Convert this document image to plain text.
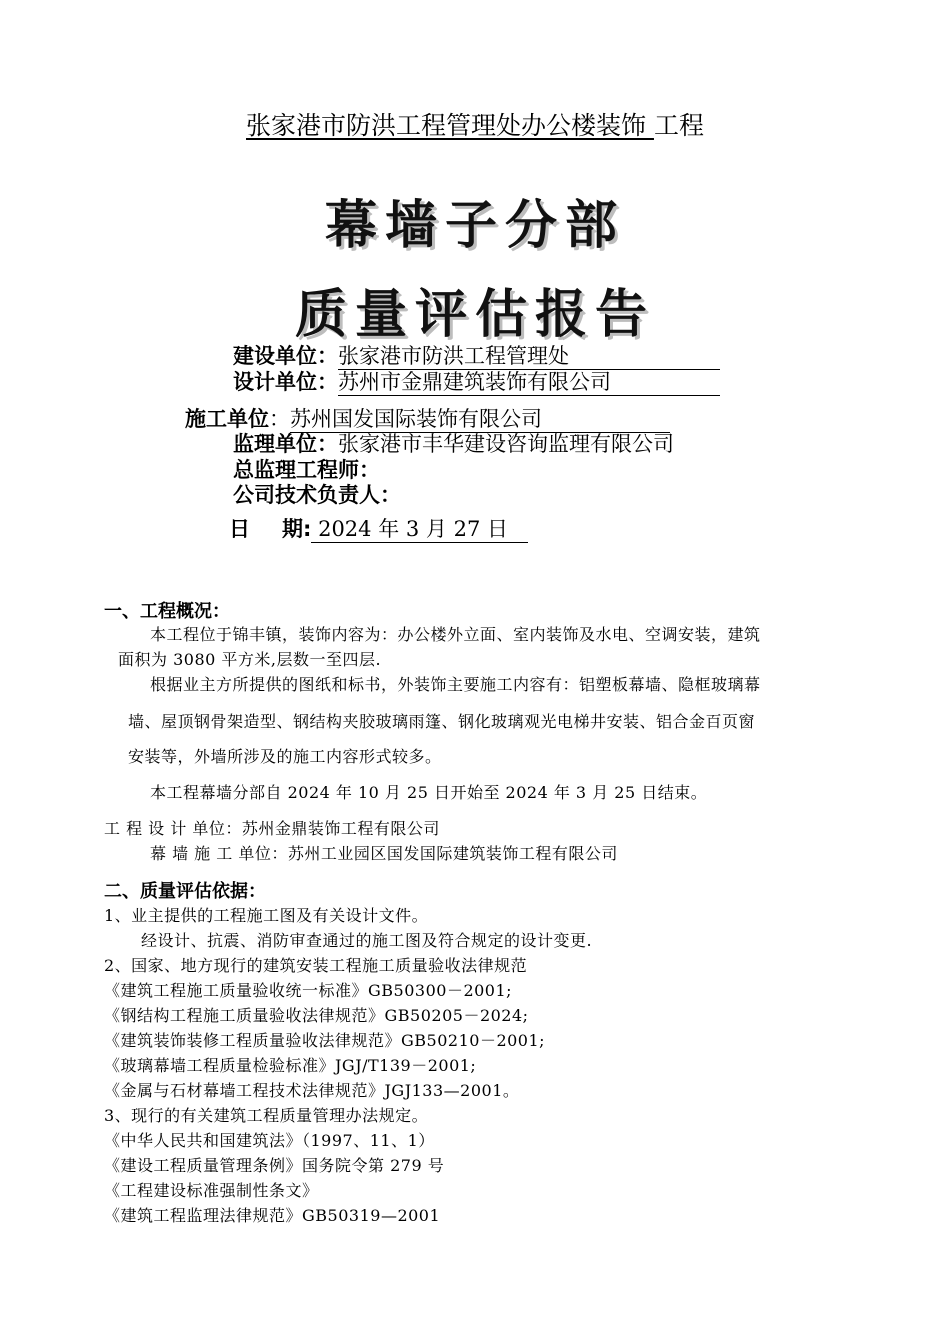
张家港市防洪工程管理处办公楼装饰 工程
幕墙子分部
质量评估报告
建设单位：张家港市防洪工程管理处
设计单位：苏州市金鼎建筑装饰有限公司
施工单位：苏州国发国际装饰有限公司
监理单位：张家港市丰华建设咨询监理有限公司
总监理工程师：
公司技术负责人：
日 期: 2024 年 3 月 27 日
一、工程概况：
本工程位于锦丰镇，装饰内容为：办公楼外立面、室内装饰及水电、空调安装，建筑
面积为 3080 平方米,层数一至四层.
根据业主方所提供的图纸和标书，外装饰主要施工内容有：铝塑板幕墙、隐框玻璃幕
墙、屋顶钢骨架造型、钢结构夹胶玻璃雨篷、钢化玻璃观光电梯井安装、铝合金百页窗
安装等，外墙所涉及的施工内容形式较多。
本工程幕墙分部自 2024 年 10 月 25 日开始至 2024 年 3 月 25 日结束。
工 程 设 计 单位：苏州金鼎装饰工程有限公司
幕 墙 施 工 单位：苏州工业园区国发国际建筑装饰工程有限公司
二、质量评估依据：
1、业主提供的工程施工图及有关设计文件。
经设计、抗震、消防审查通过的施工图及符合规定的设计变更.
2、国家、地方现行的建筑安装工程施工质量验收法律规范
《建筑工程施工质量验收统一标准》GB50300－2001;
《钢结构工程施工质量验收法律规范》GB50205－2024;
《建筑装饰装修工程质量验收法律规范》GB50210－2001;
《玻璃幕墙工程质量检验标准》JGJ/T139－2001;
《金属与石材幕墙工程技术法律规范》JGJ133—2001。
3、现行的有关建筑工程质量管理办法规定。
《中华人民共和国建筑法》（1997、11、1）
《建设工程质量管理条例》国务院令第 279 号
《工程建设标准强制性条文》
《建筑工程监理法律规范》GB50319—2001
